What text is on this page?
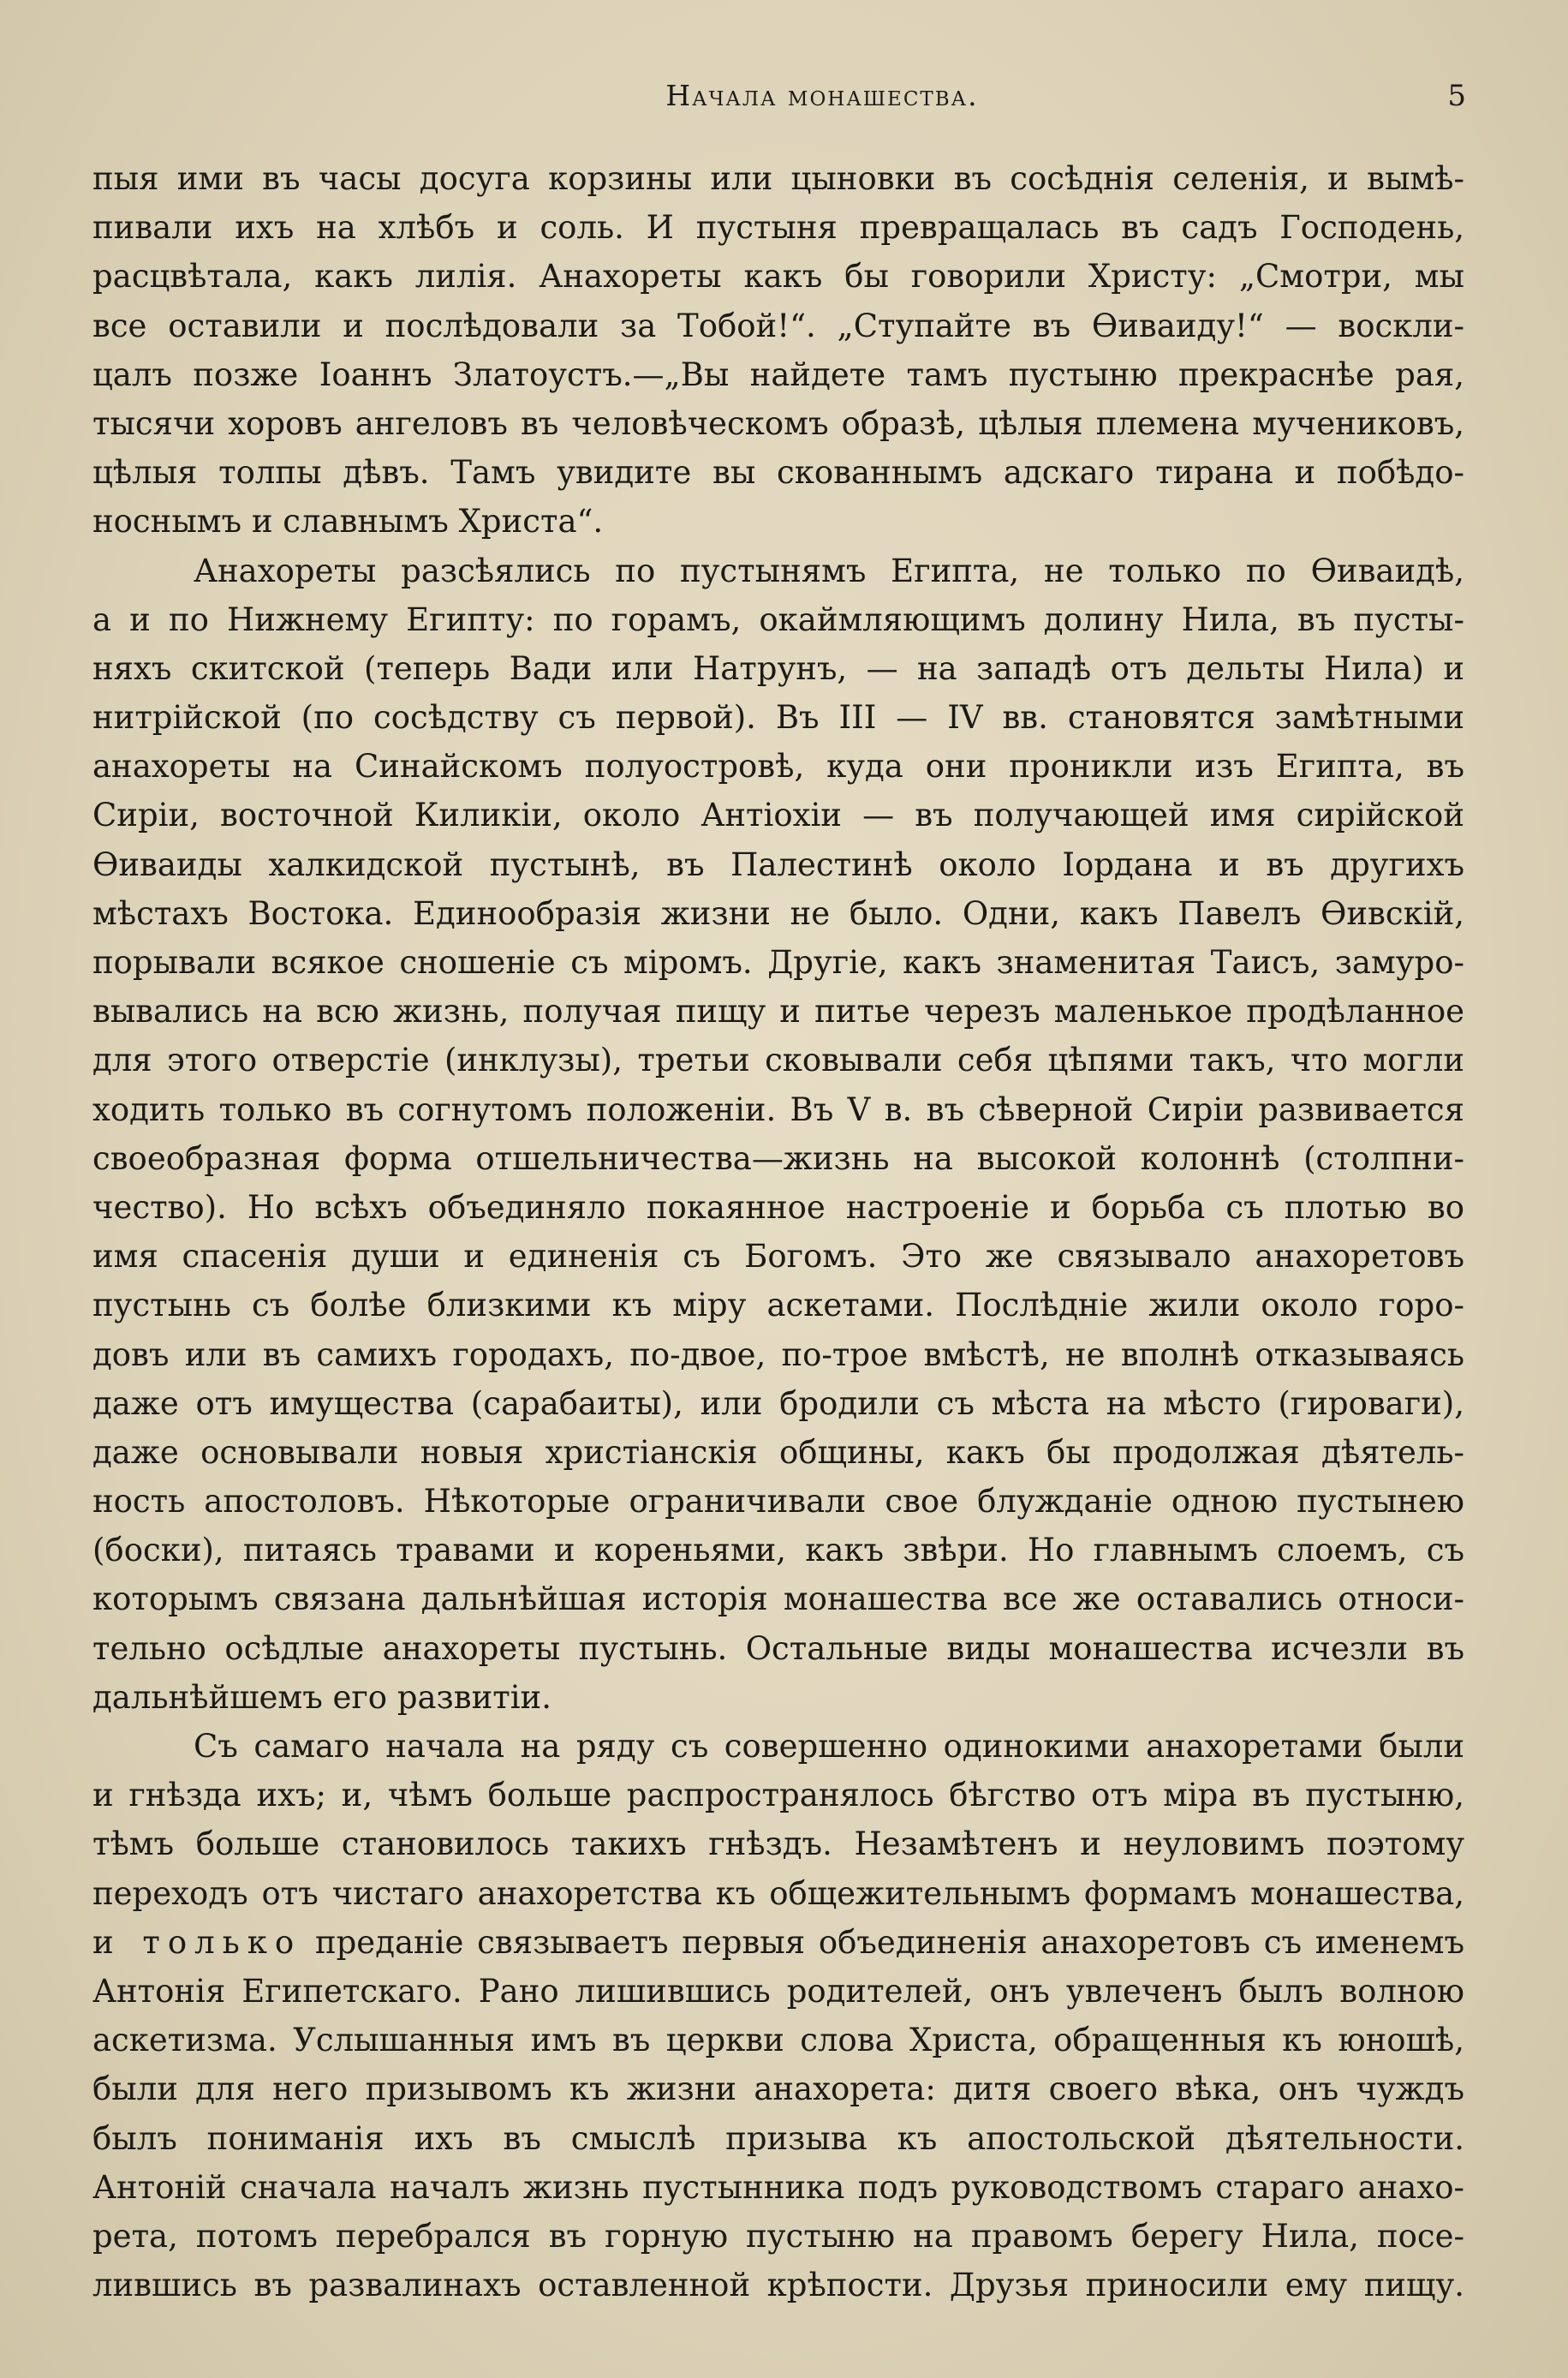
Начала монашества.	5
пыя ими въ часы досуга корзины или цыновки въ сосѣднія селенія, и вымѣ-
пивали ихъ на хлѣбъ и соль. И пустыня превращалась въ садъ Господень,
расцвѣтала, какъ лилія. Анахореты какъ бы говорили Христу: „Смотри, мы
все оставили и послѣдовали за Тобой!“. „Ступайте въ Ѳиваиду!“ — воскли-
цалъ позже Іоаннъ Златоустъ.—„Вы найдете тамъ пустыню прекраснѣе рая,
тысячи хоровъ ангеловъ въ человѣческомъ образѣ, цѣлыя племена мучениковъ,
цѣлыя толпы дѣвъ. Тамъ увидите вы скованнымъ адскаго тирана и побѣдо-
носнымъ и славнымъ Христа“.
Анахореты разсѣялись по пустынямъ Египта, не только по Ѳиваидѣ,
а и по Нижнему Египту: по горамъ, окаймляющимъ долину Нила, въ пусты-
няхъ скитской (теперь Вади или Натрунъ, — на западѣ отъ дельты Нила) и
нитрійской (по сосѣдству съ первой). Въ III — IV вв. становятся замѣтными
анахореты на Синайскомъ полуостровѣ, куда они проникли изъ Египта, въ
Сиріи, восточной Киликіи, около Антіохіи — въ получающей имя сирійской
Ѳиваиды халкидской пустынѣ, въ Палестинѣ около Іордана и въ другихъ
мѣстахъ Востока. Единообразія жизни не было. Одни, какъ Павелъ Ѳивскій,
порывали всякое сношеніе съ міромъ. Другіе, какъ знаменитая Таисъ, замуро-
вывались на всю жизнь, получая пищу и питье черезъ маленькое продѣланное
для этого отверстіе (инклузы), третьи сковывали себя цѣпями такъ, что могли
ходить только въ согнутомъ положеніи. Въ V в. въ сѣверной Сиріи развивается
своеобразная форма отшельничества—жизнь на высокой колоннѣ (столпни-
чество). Но всѣхъ объединяло покаянное настроеніе и борьба съ плотью во
имя спасенія души и единенія съ Богомъ. Это же связывало анахоретовъ
пустынь съ болѣе близкими къ міру аскетами. Послѣдніе жили около горо-
довъ или въ самихъ городахъ, по-двое, по-трое вмѣстѣ, не вполнѣ отказываясь
даже отъ имущества (сарабаиты), или бродили съ мѣста на мѣсто (гироваги),
даже основывали новыя христіанскія общины, какъ бы продолжая дѣятель-
ность апостоловъ. Нѣкоторые ограничивали свое блужданіе одною пустынею
(боски), питаясь травами и кореньями, какъ звѣри. Но главнымъ слоемъ, съ
которымъ связана дальнѣйшая исторія монашества все же оставались относи-
тельно осѣдлые анахореты пустынь. Остальные виды монашества исчезли въ
дальнѣйшемъ его развитіи.
Съ самаго начала на ряду съ совершенно одинокими анахоретами были
и гнѣзда ихъ; и, чѣмъ больше распространялось бѣгство отъ міра въ пустыню,
тѣмъ больше становилось такихъ гнѣздъ. Незамѣтенъ и неуловимъ поэтому
переходъ отъ чистаго анахоретства къ общежительнымъ формамъ монашества,
и только преданіе связываетъ первыя объединенія анахоретовъ съ именемъ
Антонія Египетскаго. Рано лишившись родителей, онъ увлеченъ былъ волною
аскетизма. Услышанныя имъ въ церкви слова Христа, обращенныя къ юношѣ,
были для него призывомъ къ жизни анахорета: дитя своего вѣка, онъ чуждъ
былъ пониманія ихъ въ смыслѣ призыва къ апостольской дѣятельности.
Антоній сначала началъ жизнь пустынника подъ руководствомъ стараго анахо-
рета, потомъ перебрался въ горную пустыню на правомъ берегу Нила, посе-
лившись въ развалинахъ оставленной крѣпости. Друзья приносили ему пищу.
